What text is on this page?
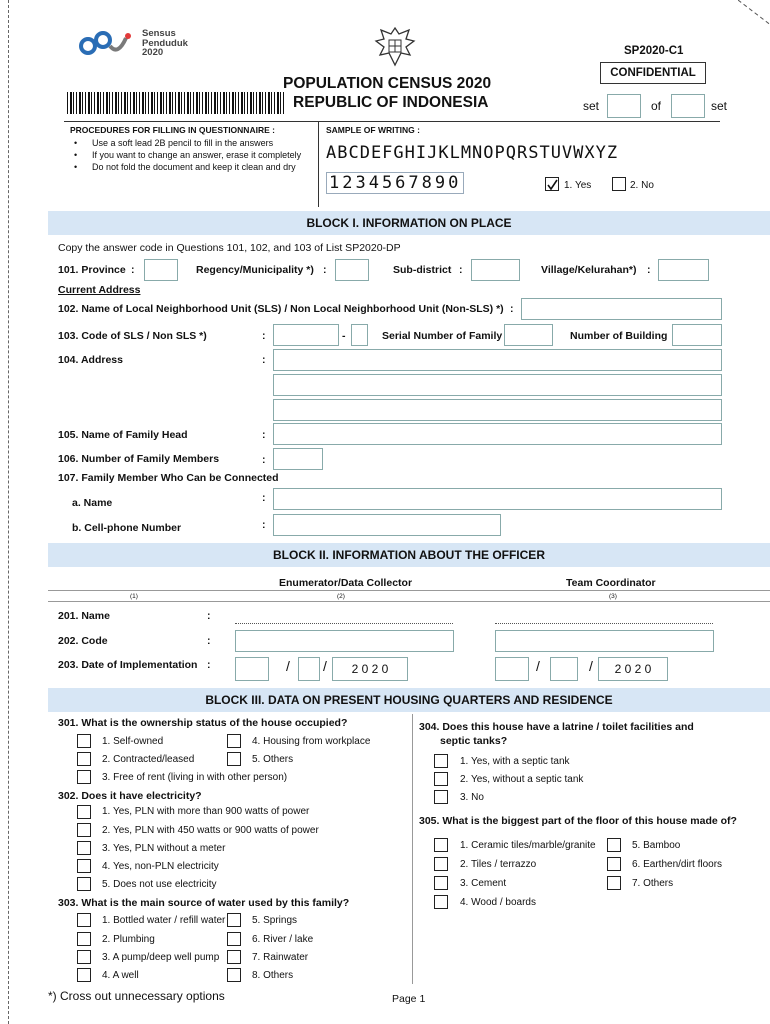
Sensus
Penduduk
2020	SP2020-C1
CONFIDENTIAL
POPULATION CENSUS 2020
REPUBLIC OF INDONESIA	set	of	set
PROCEDURES FOR FILLING IN QUESTIONNAIRE :
• Use a soft lead 2B pencil to fill in the answers
• If you want to change an answer, erase it completely
• Do not fold the document and keep it clean and dry
SAMPLE OF WRITING :
ABCDEFGHIJKLMNOPQRSTUVWXYZ
1234567890	1. Yes	2. No
BLOCK I. INFORMATION ON PLACE
Copy the answer code in Questions 101, 102, and 103 of List SP2020-DP
101. Province :	Regency/Municipality *) :	Sub-district :	Village/Kelurahan*) :
Current Address
102. Name of Local Neighborhood Unit (SLS) / Non Local Neighborhood Unit (Non-SLS) *) :
103. Code of SLS / Non SLS *)	:	-	Serial Number of Family	Number of Building
104. Address	:
105. Name of Family Head	:
106. Number of Family Members	:
107. Family Member Who Can be Connected
a. Name	:
b. Cell-phone Number	:
BLOCK II. INFORMATION ABOUT THE OFFICER
Enumerator/Data Collector	Team Coordinator
(1)	(2)	(3)
201. Name	:
202. Code	:
203. Date of Implementation :	/ /	2 0 2 0	/	/	2 0 2 0
BLOCK III. DATA ON PRESENT HOUSING QUARTERS AND RESIDENCE
301. What is the ownership status of the house occupied?
1. Self-owned	4. Housing from workplace
2. Contracted/leased	5. Others
3. Free of rent (living in with other person)
302. Does it have electricity?
1. Yes, PLN with more than 900 watts of power
2. Yes, PLN with 450 watts or 900 watts of power
3. Yes, PLN without a meter
4. Yes, non-PLN electricity
5. Does not use electricity
303. What is the main source of water used by this family?
1. Bottled water / refill water	5. Springs
2. Plumbing	6. River / lake
3. A pump/deep well pump	7. Rainwater
4. A well	8. Others
304. Does this house have a latrine / toilet facilities and
septic tanks?
1. Yes, with a septic tank
2. Yes, without a septic tank
3. No
305. What is the biggest part of the floor of this house made of?
1. Ceramic tiles/marble/granite	5. Bamboo
2. Tiles / terrazzo	6. Earthen/dirt floors
3. Cement	7. Others
4. Wood / boards
*) Cross out unnecessary options	Page 1
